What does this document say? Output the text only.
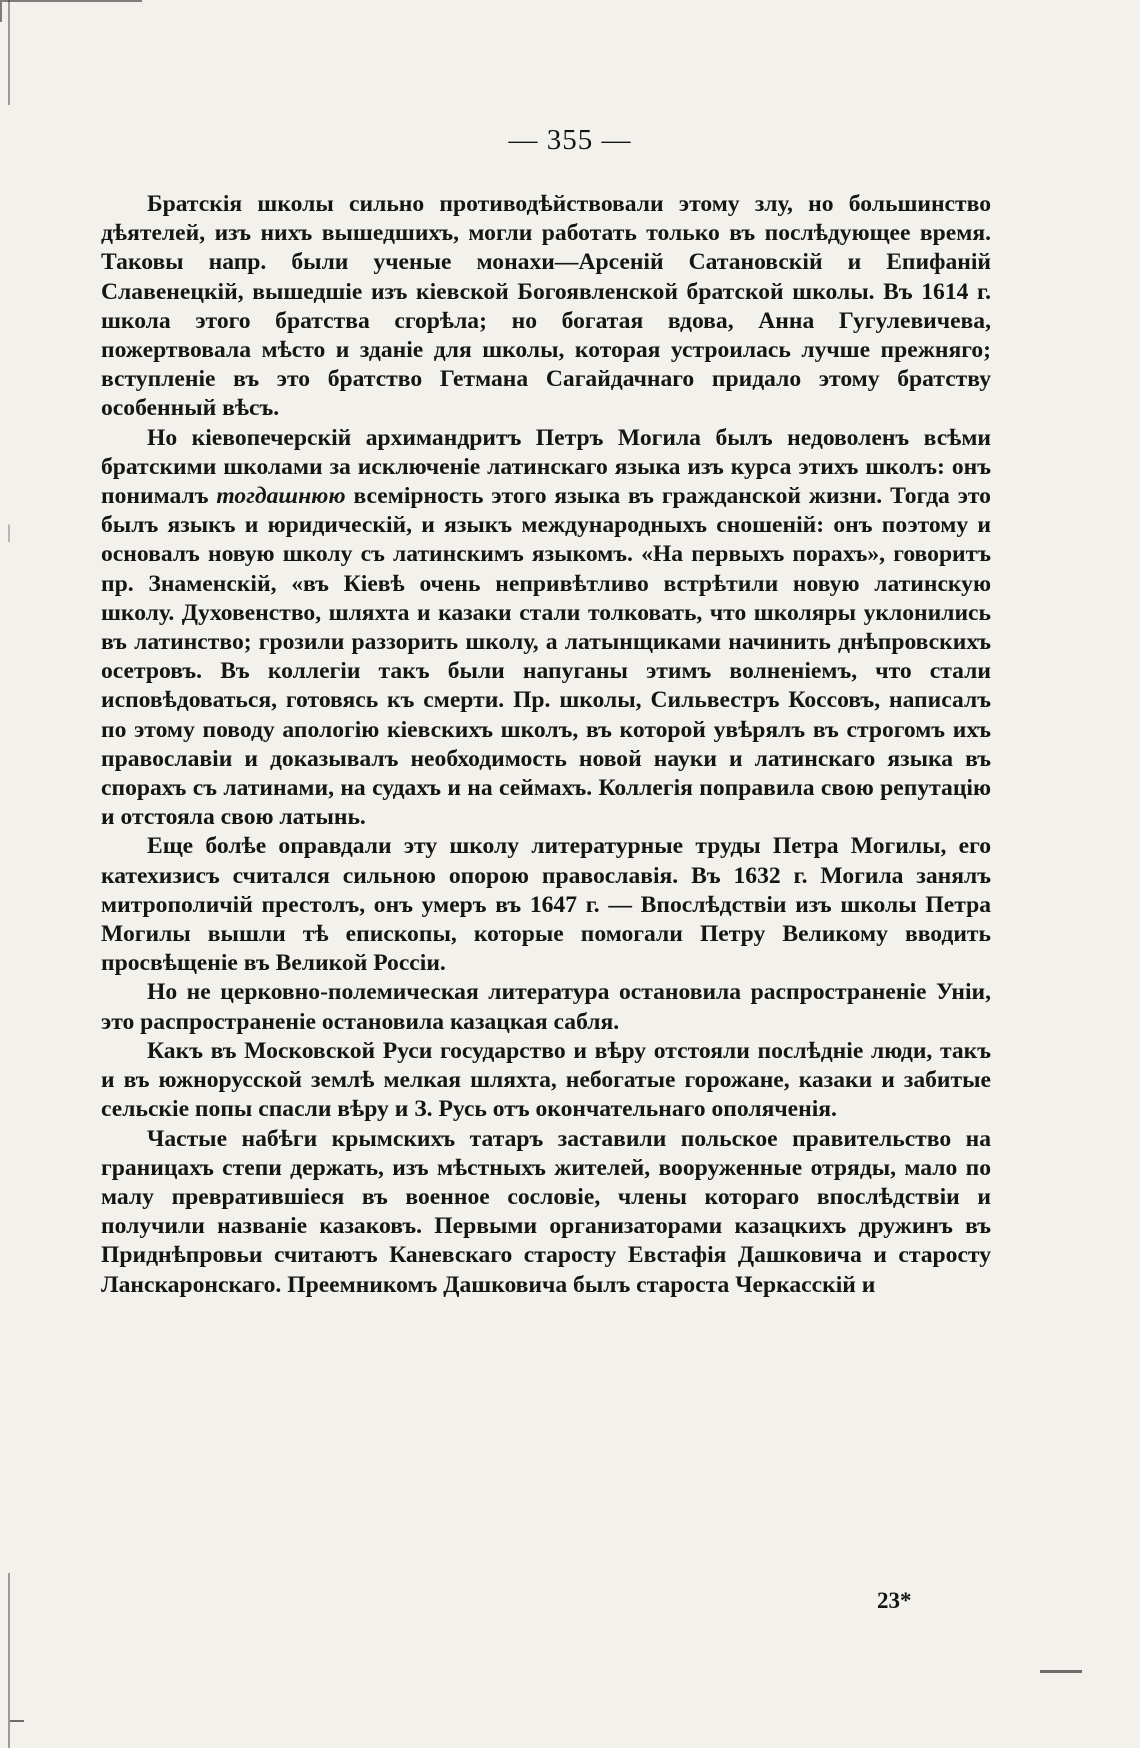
— 355 —

Братскія школы сильно противодѣйствовали этому злу, но большинство дѣятелей, изъ нихъ вышедшихъ, могли работать только въ послѣдующее время. Таковы напр. были ученые монахи—Арсеній Сатановскій и Епифаній Славенецкій, вышедшіе изъ кіевской Богоявленской братской школы. Въ 1614 г. школа этого братства сгорѣла; но богатая вдова, Анна Гугулевичева, пожертвовала мѣсто и зданіе для школы, которая устроилась лучше прежняго; вступленіе въ это братство Гетмана Сагайдачнаго придало этому братству особенный вѣсъ.

Но кіевопечерскій архимандритъ Петръ Могила былъ недоволенъ всѣми братскими школами за исключеніе латинскаго языка изъ курса этихъ школъ: онъ понималъ тогдашнюю всемірность этого языка въ гражданской жизни. Тогда это былъ языкъ и юридическій, и языкъ международныхъ сношеній: онъ поэтому и основалъ новую школу съ латинскимъ языкомъ. «На первыхъ порахъ», говоритъ пр. Знаменскій, «въ Кіевѣ очень непривѣтливо встрѣтили новую латинскую школу. Духовенство, шляхта и казаки стали толковать, что школяры уклонились въ латинство; грозили раззорить школу, а латынщиками начинить днѣпровскихъ осетровъ. Въ коллегіи такъ были напуганы этимъ волненіемъ, что стали исповѣдоваться, готовясь къ смерти. Пр. школы, Сильвестръ Коссовъ, написалъ по этому поводу апологію кіевскихъ школъ, въ которой увѣрялъ въ строгомъ ихъ православіи и доказывалъ необходимость новой науки и латинскаго языка въ спорахъ съ латинами, на судахъ и на сеймахъ. Коллегія поправила свою репутацію и отстояла свою латынь.

Еще болѣе оправдали эту школу литературные труды Петра Могилы, его катехизисъ считался сильною опорою православія. Въ 1632 г. Могила занялъ митрополичій престолъ, онъ умеръ въ 1647 г. — Впослѣдствіи изъ школы Петра Могилы вышли тѣ епископы, которые помогали Петру Великому вводить просвѣщеніе въ Великой Россіи.

Но не церковно-полемическая литература остановила распространеніе Уніи, это распространеніе остановила казацкая сабля.

Какъ въ Московской Руси государство и вѣру отстояли послѣдніе люди, такъ и въ южнорусской землѣ мелкая шляхта, небогатые горожане, казаки и забитые сельскіе попы спасли вѣру и З. Русь отъ окончательнаго ополяченія.

Частые набѣги крымскихъ татаръ заставили польское правительство на границахъ степи держать, изъ мѣстныхъ жителей, вооруженные отряды, мало по малу превратившіеся въ военное сословіе, члены котораго впослѣдствіи и получили названіе казаковъ. Первыми организаторами казацкихъ дружинъ въ Приднѣпровьи считаютъ Каневскаго старосту Евстафія Дашковича и старосту Ланскаронскаго. Преемникомъ Дашковича былъ староста Черкасскій и

23*
